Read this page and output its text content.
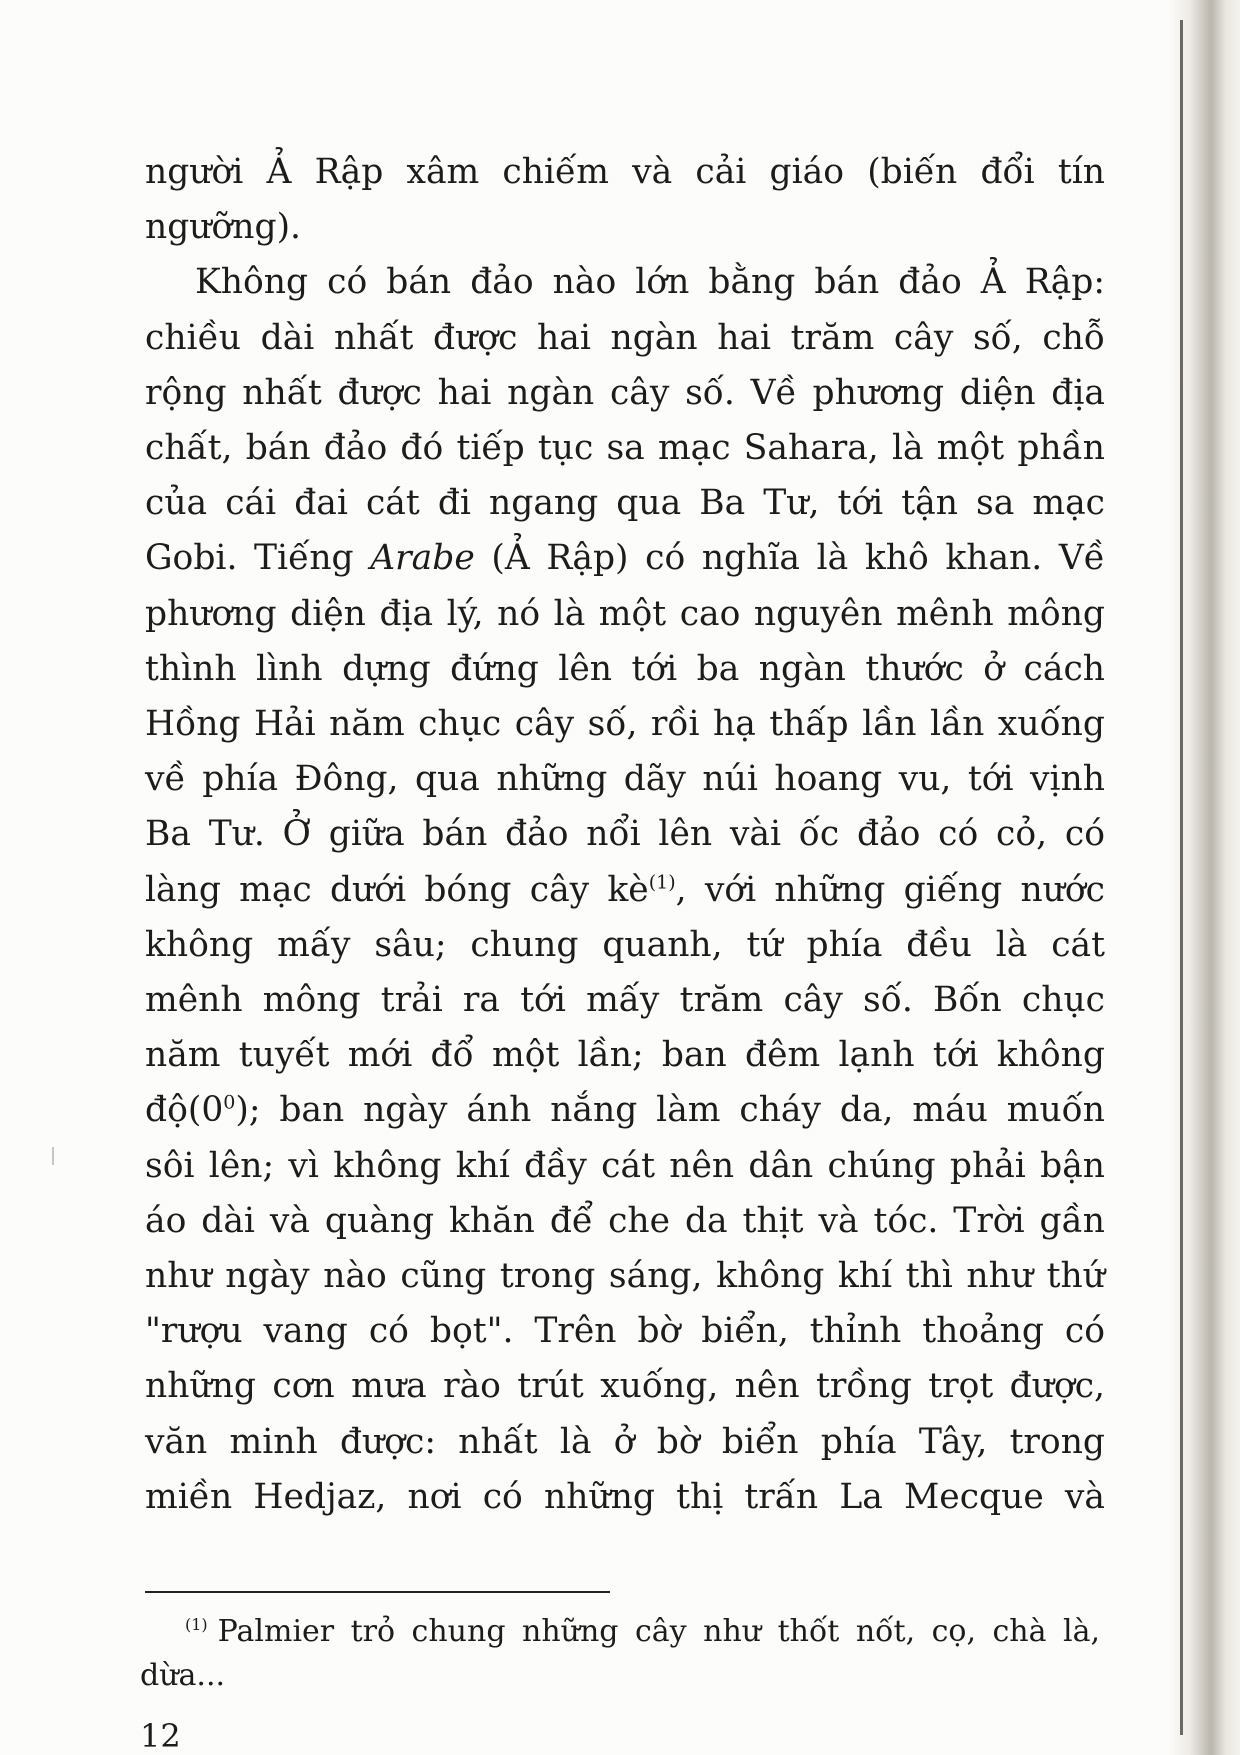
người Ả Rập xâm chiếm và cải giáo (biến đổi tín
ngưỡng).
Không có bán đảo nào lớn bằng bán đảo Ả Rập:
chiều dài nhất được hai ngàn hai trăm cây số, chỗ
rộng nhất được hai ngàn cây số. Về phương diện địa
chất, bán đảo đó tiếp tục sa mạc Sahara, là một phần
của cái đai cát đi ngang qua Ba Tư, tới tận sa mạc
Gobi. Tiếng Arabe (Ả Rập) có nghĩa là khô khan. Về
phương diện địa lý, nó là một cao nguyên mênh mông
thình lình dựng đứng lên tới ba ngàn thước ở cách
Hồng Hải năm chục cây số, rồi hạ thấp lần lần xuống
về phía Đông, qua những dãy núi hoang vu, tới vịnh
Ba Tư. Ở giữa bán đảo nổi lên vài ốc đảo có cỏ, có
làng mạc dưới bóng cây kè$^{(1)}$, với những giếng nước
không mấy sâu; chung quanh, tứ phía đều là cát
mênh mông trải ra tới mấy trăm cây số. Bốn chục
năm tuyết mới đổ một lần; ban đêm lạnh tới không
$độ(0^0)$; ban ngày ánh nắng làm cháy da, máu muốn
sôi lên; vì không khí đầy cát nên dân chúng phải bận
áo dài và quàng khăn để che da thịt và tóc. Trời gần
như ngày nào cũng trong sáng, không khí thì như thứ
"rượu vang có bọt". Trên bờ biển, thỉnh thoảng có
những cơn mưa rào trút xuống, nên trồng trọt được,
văn minh được: nhất là ở bờ biển phía Tây, trong
miền Hedjaz, nơi có những thị trấn La Mecque và
$^{(1)}$ Palmier trỏ chung những cây như thốt nốt, cọ, chà là,
dừa...
12
